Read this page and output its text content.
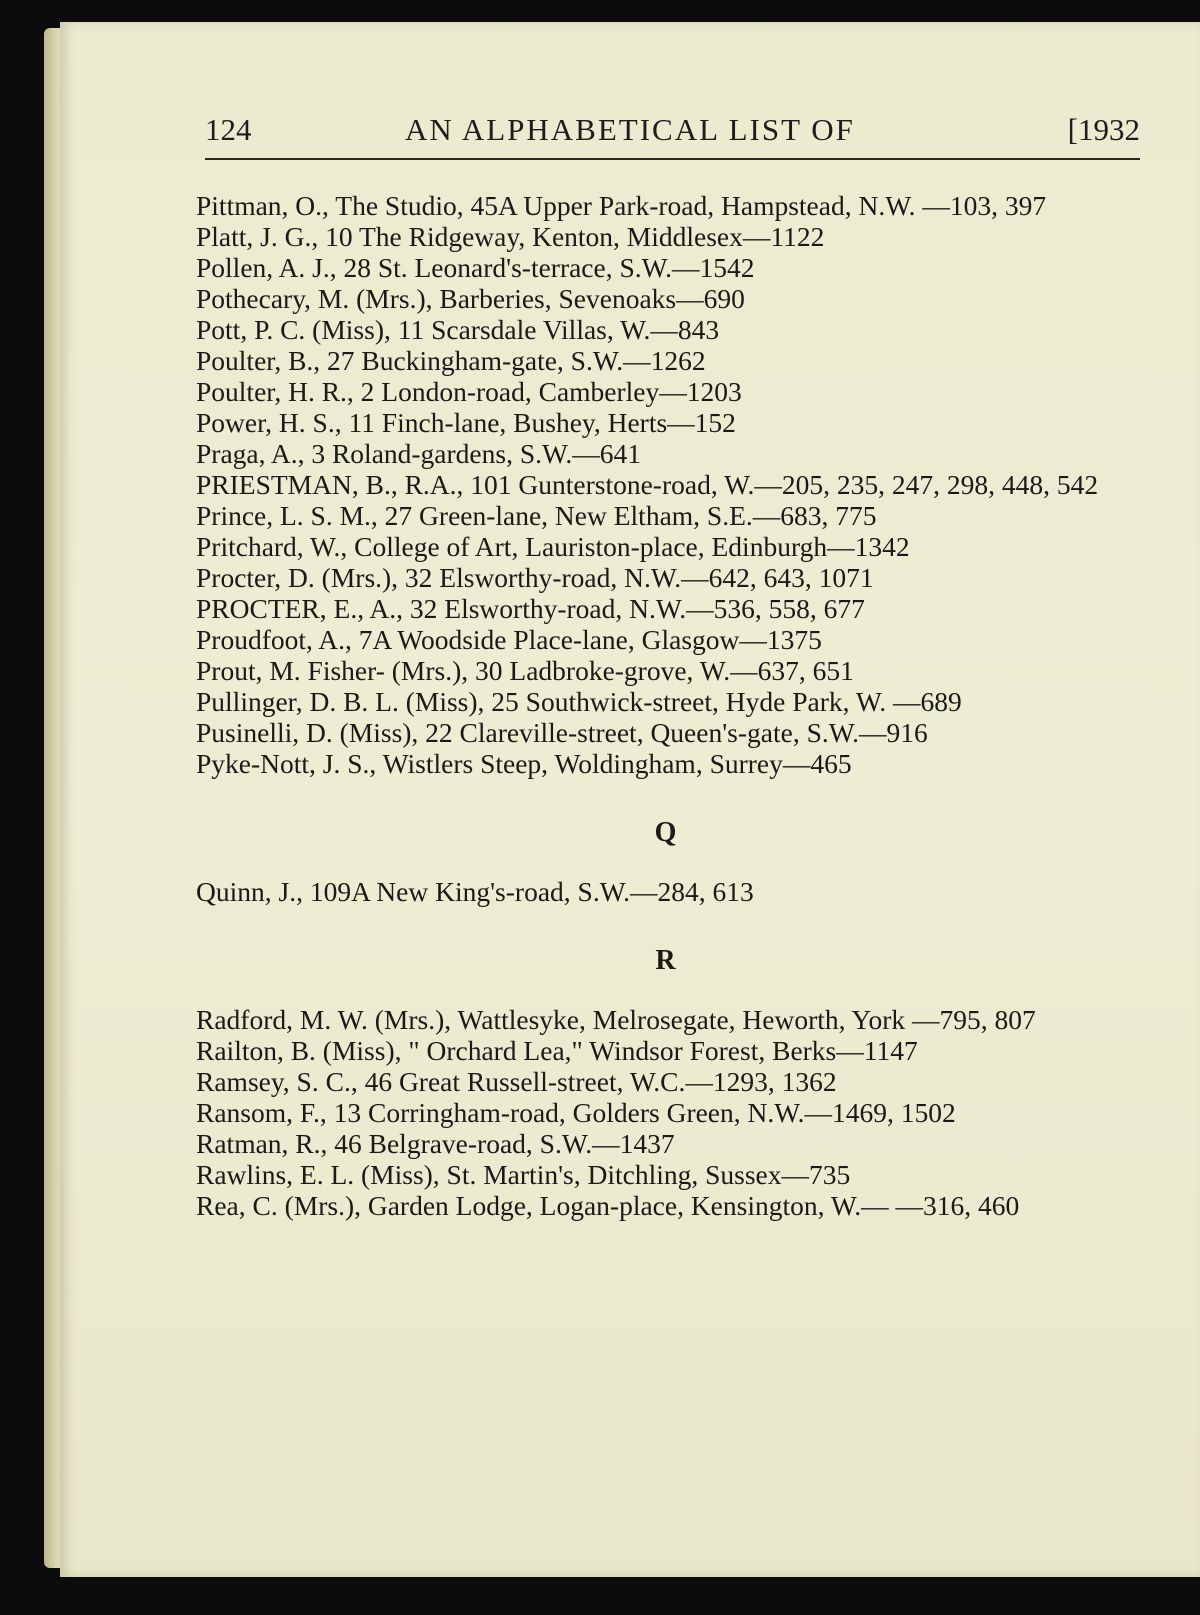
124	AN ALPHABETICAL LIST OF	[1932

Pittman, O., The Studio, 45A Upper Park-road, Hampstead, N.W. —103, 397

Platt, J. G., 10 The Ridgeway, Kenton, Middlesex—1122

Pollen, A. J., 28 St. Leonard's-terrace, S.W.—1542

Pothecary, M. (Mrs.), Barberies, Sevenoaks—690

Pott, P. C. (Miss), 11 Scarsdale Villas, W.—843

Poulter, B., 27 Buckingham-gate, S.W.—1262

Poulter, H. R., 2 London-road, Camberley—1203

Power, H. S., 11 Finch-lane, Bushey, Herts—152

Praga, A., 3 Roland-gardens, S.W.—641

PRIESTMAN, B., R.A., 101 Gunterstone-road, W.—205, 235, 247, 298, 448, 542

Prince, L. S. M., 27 Green-lane, New Eltham, S.E.—683, 775

Pritchard, W., College of Art, Lauriston-place, Edinburgh—1342

Procter, D. (Mrs.), 32 Elsworthy-road, N.W.—642, 643, 1071

PROCTER, E., A., 32 Elsworthy-road, N.W.—536, 558, 677

Proudfoot, A., 7A Woodside Place-lane, Glasgow—1375

Prout, M. Fisher- (Mrs.), 30 Ladbroke-grove, W.—637, 651

Pullinger, D. B. L. (Miss), 25 Southwick-street, Hyde Park, W. —689

Pusinelli, D. (Miss), 22 Clareville-street, Queen's-gate, S.W.—916

Pyke-Nott, J. S., Wistlers Steep, Woldingham, Surrey—465

Q

Quinn, J., 109A New King's-road, S.W.—284, 613

R

Radford, M. W. (Mrs.), Wattlesyke, Melrosegate, Heworth, York —795, 807

Railton, B. (Miss), " Orchard Lea," Windsor Forest, Berks—1147

Ramsey, S. C., 46 Great Russell-street, W.C.—1293, 1362

Ransom, F., 13 Corringham-road, Golders Green, N.W.—1469, 1502

Ratman, R., 46 Belgrave-road, S.W.—1437

Rawlins, E. L. (Miss), St. Martin's, Ditchling, Sussex—735

Rea, C. (Mrs.), Garden Lodge, Logan-place, Kensington, W.— —316, 460
